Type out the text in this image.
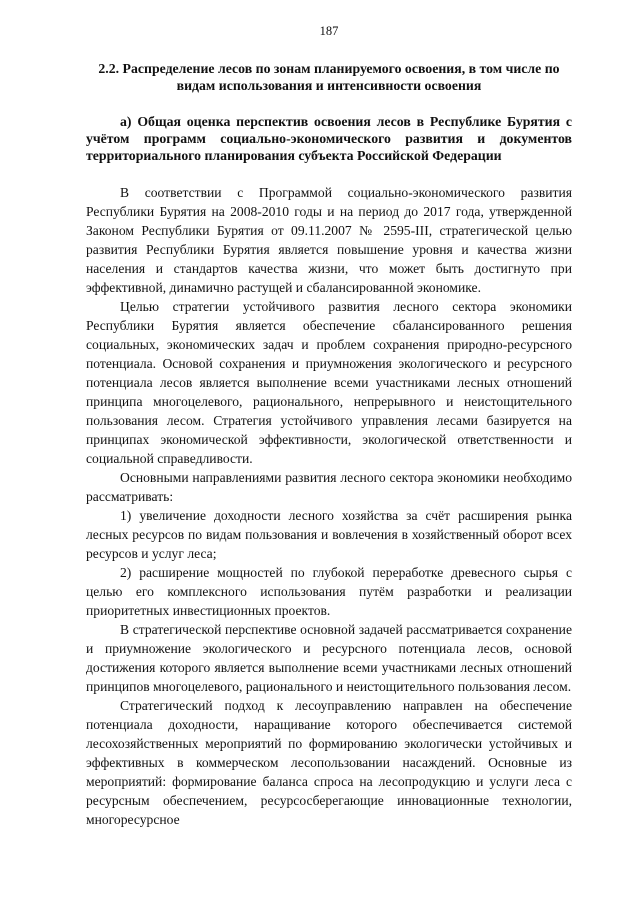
187
2.2. Распределение лесов по зонам планируемого освоения, в том числе по видам использования и интенсивности освоения
а) Общая оценка перспектив освоения лесов в Республике Бурятия с учётом программ социально-экономического развития и документов территориального планирования субъекта Российской Федерации

В соответствии с Программой социально-экономического развития Республики Бурятия на 2008-2010 годы и на период до 2017 года, утвержденной Законом Республики Бурятия от 09.11.2007 № 2595-III, стратегической целью развития Республики Бурятия является повышение уровня и качества жизни населения и стандартов качества жизни, что может быть достигнуто при эффективной, динамично растущей и сбалансированной экономике.

Целью стратегии устойчивого развития лесного сектора экономики Республики Бурятия является обеспечение сбалансированного решения социальных, экономических задач и проблем сохранения природно-ресурсного потенциала. Основой сохранения и приумножения экологического и ресурсного потенциала лесов является выполнение всеми участниками лесных отношений принципа многоцелевого, рационального, непрерывного и неистощительного пользования лесом. Стратегия устойчивого управления лесами базируется на принципах экономической эффективности, экологической ответственности и социальной справедливости.

Основными направлениями развития лесного сектора экономики необходимо рассматривать:

1) увеличение доходности лесного хозяйства за счёт расширения рынка лесных ресурсов по видам пользования и вовлечения в хозяйственный оборот всех ресурсов и услуг леса;

2) расширение мощностей по глубокой переработке древесного сырья с целью его комплексного использования путём разработки и реализации приоритетных инвестиционных проектов.

В стратегической перспективе основной задачей рассматривается сохранение и приумножение экологического и ресурсного потенциала лесов, основой достижения которого является выполнение всеми участниками лесных отношений принципов многоцелевого, рационального и неистощительного пользования лесом.

Стратегический подход к лесоуправлению направлен на обеспечение потенциала доходности, наращивание которого обеспечивается системой лесохозяйственных мероприятий по формированию экологически устойчивых и эффективных в коммерческом лесопользовании насаждений. Основные из мероприятий: формирование баланса спроса на лесопродукцию и услуги леса с ресурсным обеспечением, ресурсосберегающие инновационные технологии, многоресурсное
